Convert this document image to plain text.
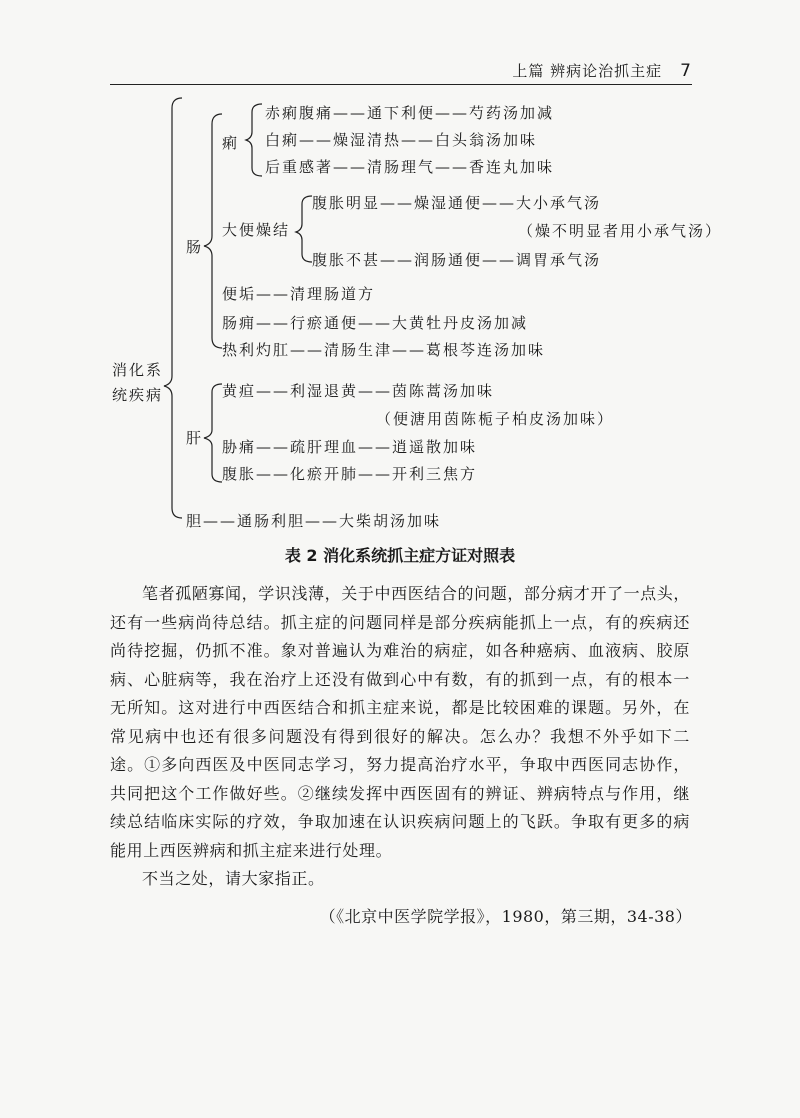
上篇 辨病论治抓主症 7
消化系
统疾病
肠
痢
赤痢腹痛——通下利便——芍药汤加减
白痢——燥湿清热——白头翁汤加味
后重感著——清肠理气——香连丸加味
大便燥结
腹胀明显——燥湿通便——大小承气汤
（燥不明显者用小承气汤）
腹胀不甚——润肠通便——调胃承气汤
便垢——清理肠道方
肠痈——行瘀通便——大黄牡丹皮汤加减
热利灼肛——清肠生津——葛根芩连汤加味
肝
黄疸——利湿退黄——茵陈蒿汤加味
（便溏用茵陈栀子柏皮汤加味）
胁痛——疏肝理血——逍遥散加味
腹胀——化瘀开肺——开利三焦方
胆——通肠利胆——大柴胡汤加味
表 2 消化系统抓主症方证对照表

笔者孤陋寡闻，学识浅薄，关于中西医结合的问题，部分病才开了一点头，还有一些病尚待总结。抓主症的问题同样是部分疾病能抓上一点，有的疾病还尚待挖掘，仍抓不准。象对普遍认为难治的病症，如各种癌病、血液病、胶原病、心脏病等，我在治疗上还没有做到心中有数，有的抓到一点，有的根本一无所知。这对进行中西医结合和抓主症来说，都是比较困难的课题。另外，在常见病中也还有很多问题没有得到很好的解决。怎么办？我想不外乎如下二途。①多向西医及中医同志学习，努力提高治疗水平，争取中西医同志协作，共同把这个工作做好些。②继续发挥中西医固有的辨证、辨病特点与作用，继续总结临床实际的疗效，争取加速在认识疾病问题上的飞跃。争取有更多的病能用上西医辨病和抓主症来进行处理。

不当之处，请大家指正。

（《北京中医学院学报》，1980，第三期，34-38）
